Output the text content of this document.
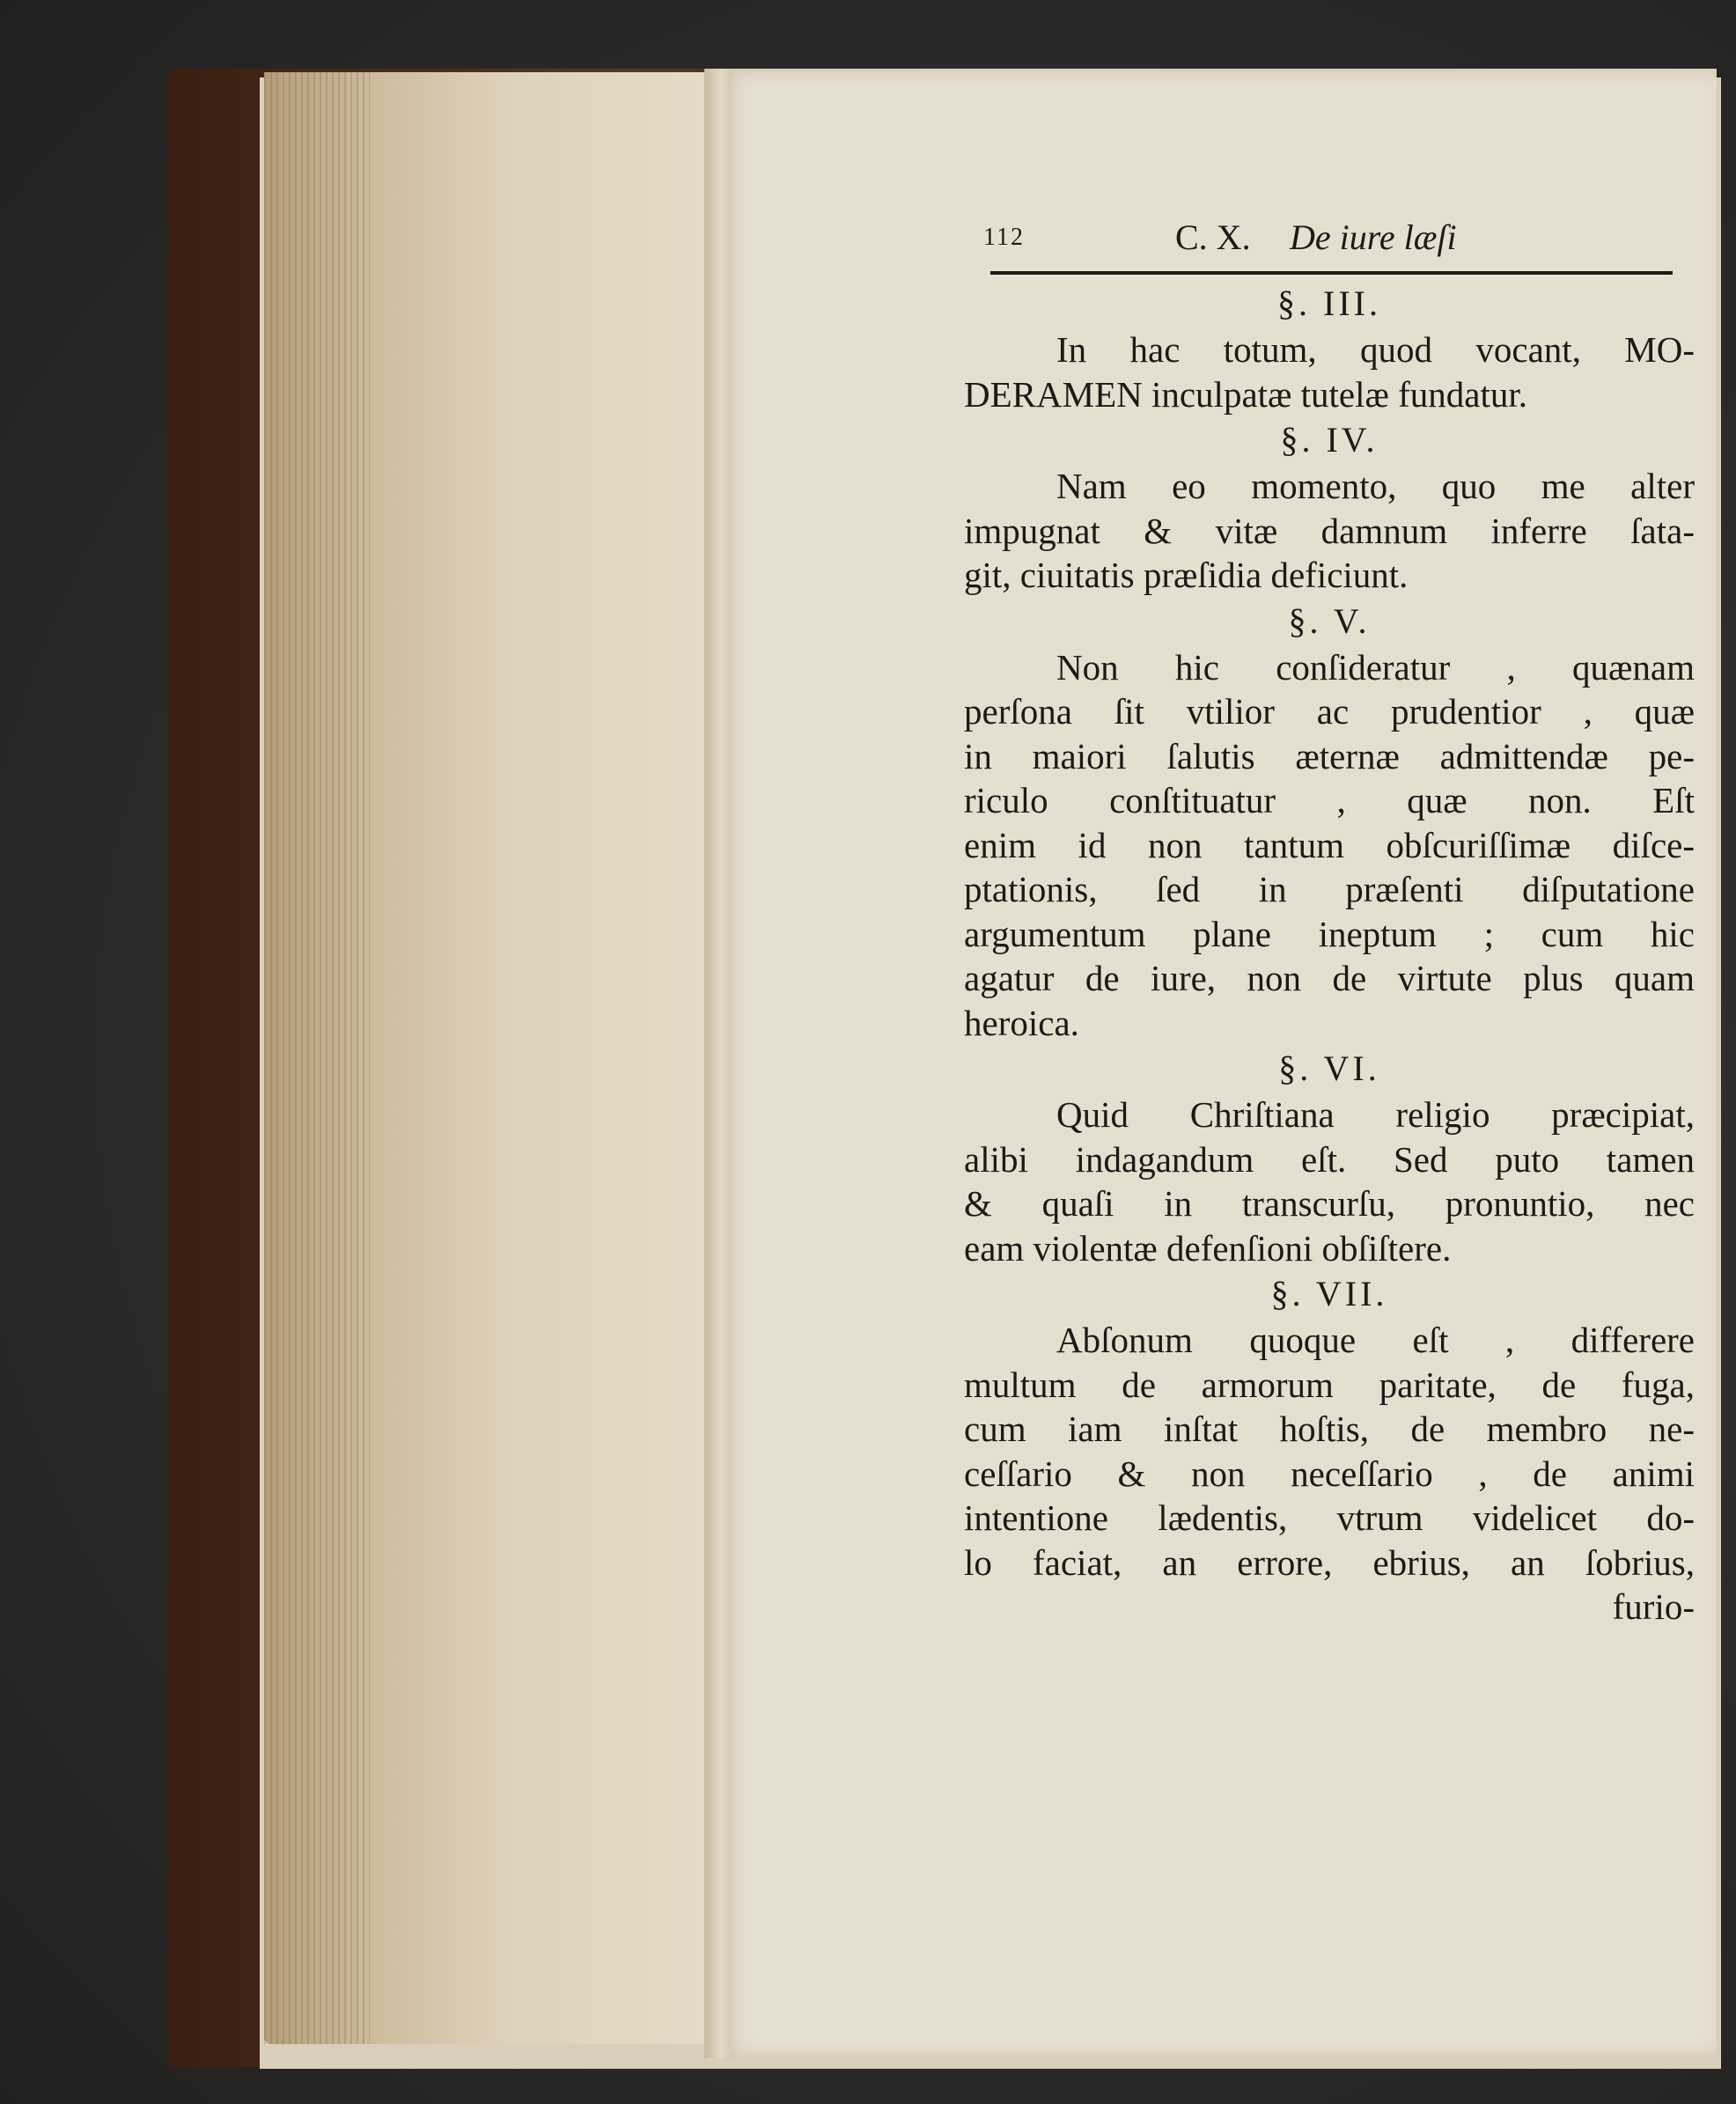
112	C. X. De iure læſi
§. III.
In hac totum, quod vocant, MO-
DERAMEN inculpatæ tutelæ fundatur.
§. IV.
Nam eo momento, quo me alter
impugnat & vitæ damnum inferre ſata-
git, ciuitatis præſidia deficiunt.
§. V.
Non hic conſideratur , quænam
perſona ſit vtilior ac prudentior , quæ
in maiori ſalutis æternæ admittendæ pe-
riculo conſtituatur , quæ non. Eſt
enim id non tantum obſcuriſſimæ diſce-
ptationis, ſed in præſenti diſputatione
argumentum plane ineptum ; cum hic
agatur de iure, non de virtute plus quam
heroica.
§. VI.
Quid Chriſtiana religio præcipiat,
alibi indagandum eſt. Sed puto tamen
& quaſi in transcurſu, pronuntio, nec
eam violentæ defenſioni obſiſtere.
§. VII.
Abſonum quoque eſt , differere
multum de armorum paritate, de fuga,
cum iam inſtat hoſtis, de membro ne-
ceſſario & non neceſſario , de animi
intentione lædentis, vtrum videlicet do-
lo faciat, an errore, ebrius, an ſobrius,
furio-
